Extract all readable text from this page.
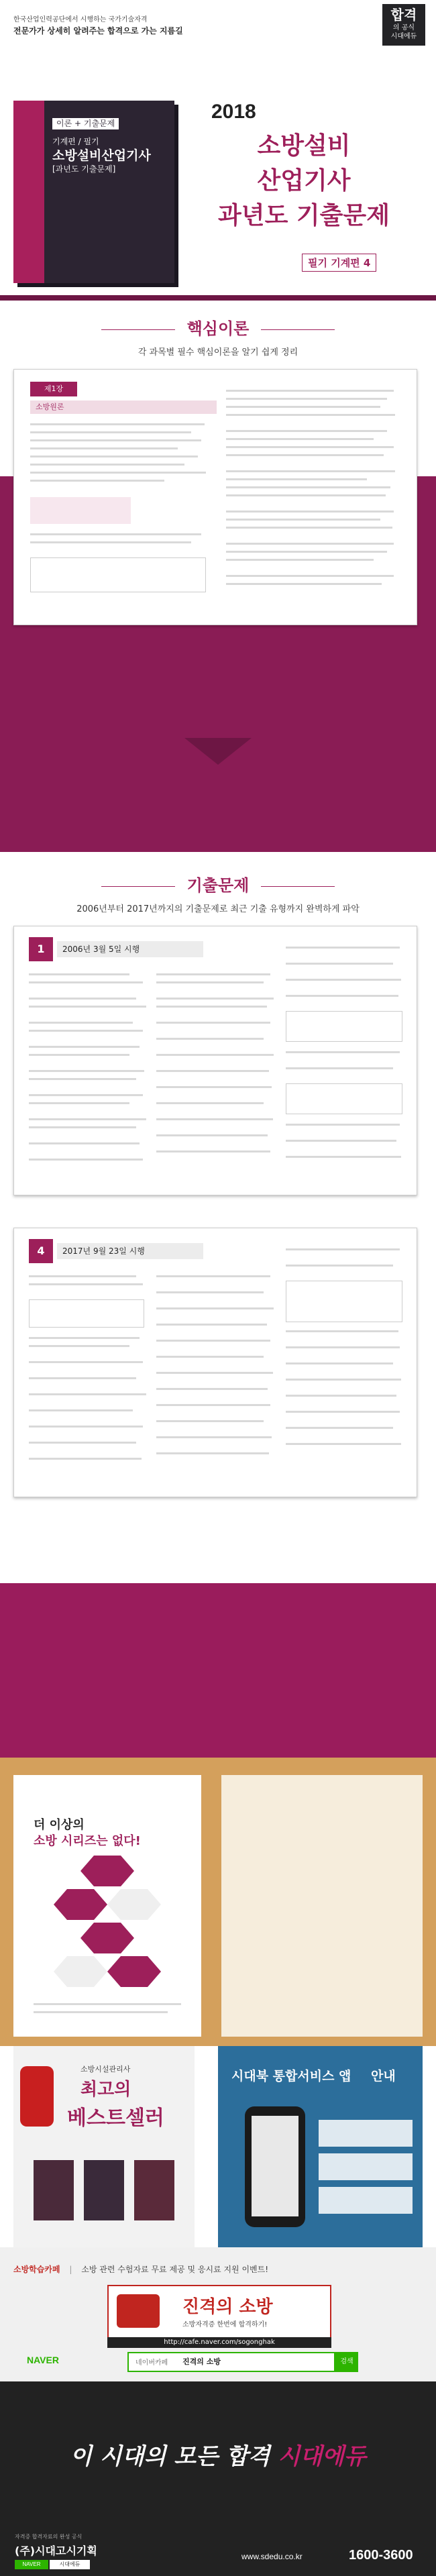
한국산업인력공단에서 시행하는 국가기술자격
전문가가 상세히 알려주는 합격으로 가는 지름길
합격
의 공식
시대에듀
이론 + 기출문제
기계편 / 필기
소방설비산업기사
[과년도 기출문제]
2018
소방설비
산업기사
과년도 기출문제
필기 기계편 4
핵심이론
각 과목별 필수 핵심이론을 알기 쉽게 정리
제1장
소방원론
기출문제
2006년부터 2017년까지의 기출문제로 최근 기출 유형까지 완벽하게 파악
1	2006년 3월 5일 시행
4	2017년 9월 23일 시행
더 이상의
소방 시리즈는 없다!
소방시설관리사
최고의
베스트셀러
시대북 통합서비스 앱 안내
소방학습카페 | 소방 관련 수험자료 무료 제공 및 응시료 지원 이벤트!
진격의 소방
소방자격증 한번에 합격하기!
http://cafe.naver.com/sogonghak
NAVER	네이버카페 진격의 소방	검색
이 시대의 모든 합격 시대에듀
자격증 합격자료의 완성 공식
(주)시대고시기획
NAVER	시대에듀
www.sdedu.co.kr	1600-3600
